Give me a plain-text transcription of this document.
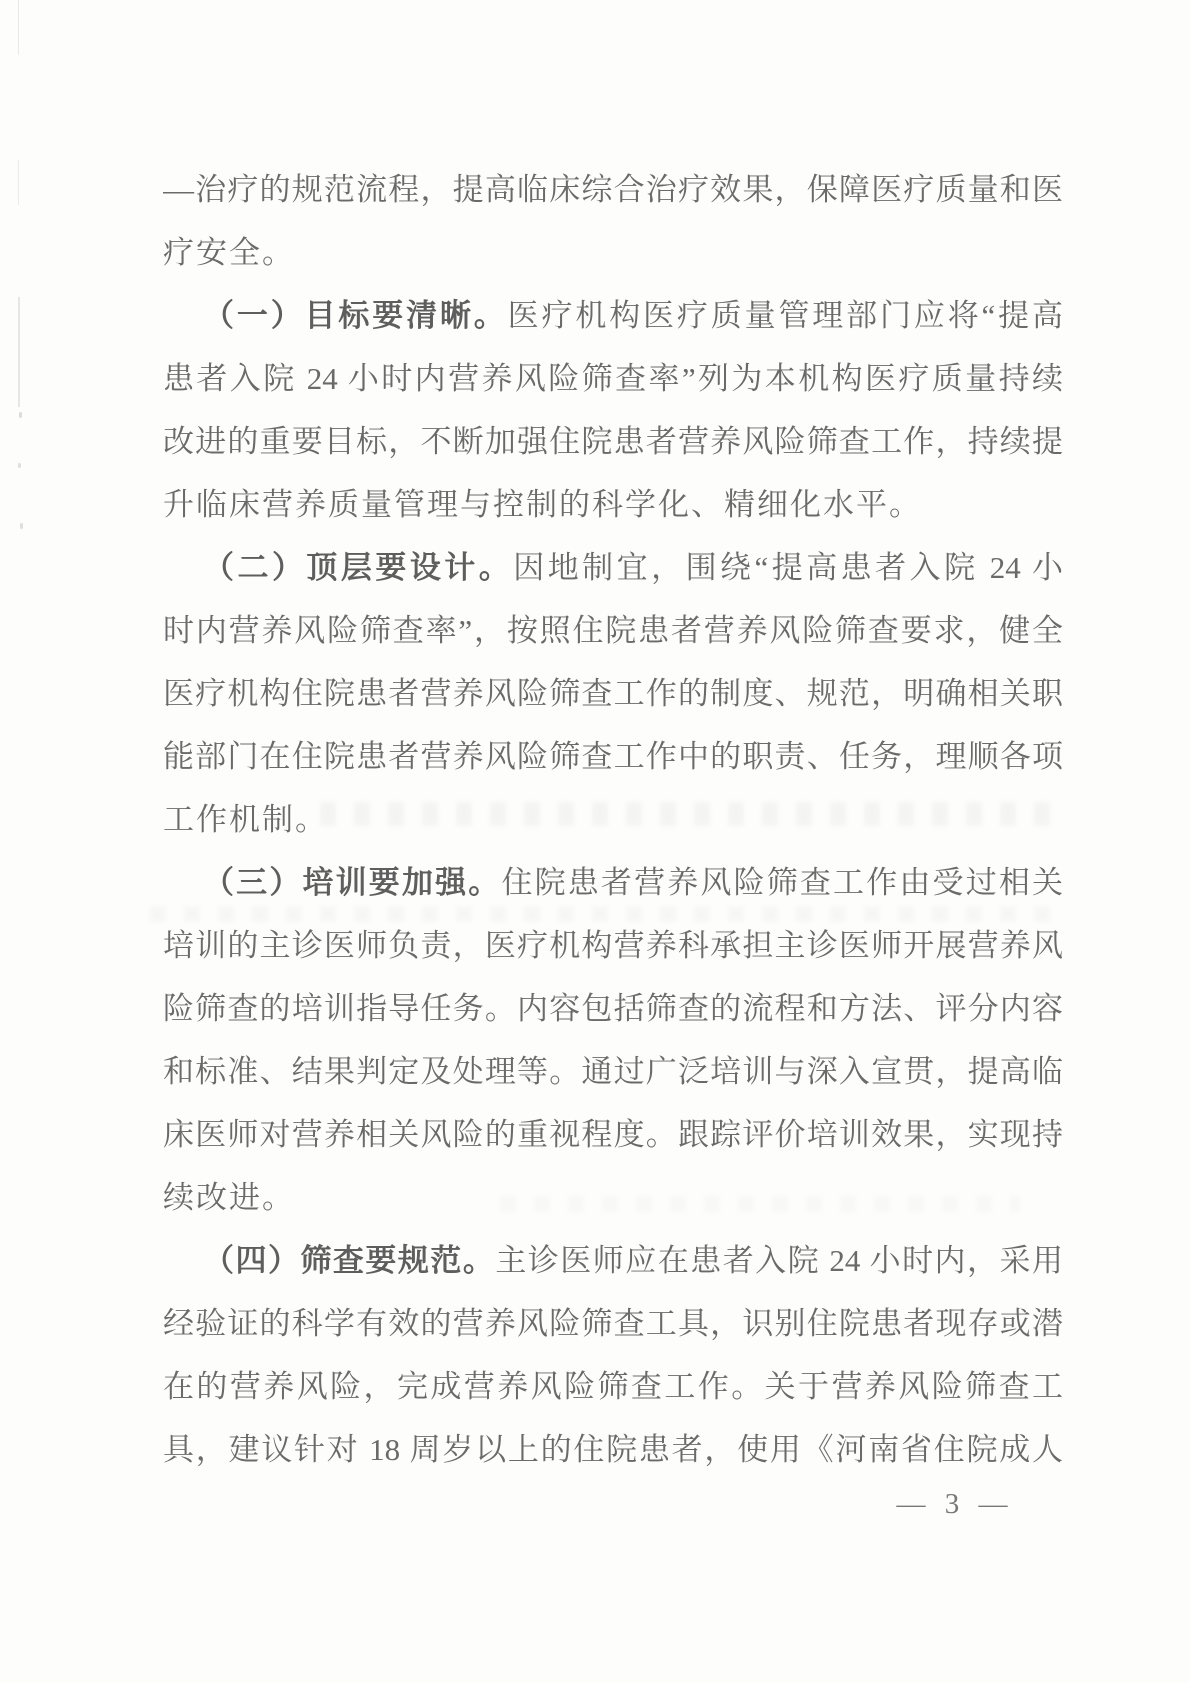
—治疗的规范流程，提高临床综合治疗效果，保障医疗质量和医
疗安全。
（一）目标要清晰。医疗机构医疗质量管理部门应将“提高
患者入院 24 小时内营养风险筛查率”列为本机构医疗质量持续
改进的重要目标，不断加强住院患者营养风险筛查工作，持续提
升临床营养质量管理与控制的科学化、精细化水平。
（二）顶层要设计。因地制宜，围绕“提高患者入院 24 小
时内营养风险筛查率”，按照住院患者营养风险筛查要求，健全
医疗机构住院患者营养风险筛查工作的制度、规范，明确相关职
能部门在住院患者营养风险筛查工作中的职责、任务，理顺各项
工作机制。
（三）培训要加强。住院患者营养风险筛查工作由受过相关
培训的主诊医师负责，医疗机构营养科承担主诊医师开展营养风
险筛查的培训指导任务。内容包括筛查的流程和方法、评分内容
和标准、结果判定及处理等。通过广泛培训与深入宣贯，提高临
床医师对营养相关风险的重视程度。跟踪评价培训效果，实现持
续改进。
（四）筛查要规范。主诊医师应在患者入院 24 小时内，采用
经验证的科学有效的营养风险筛查工具，识别住院患者现存或潜
在的营养风险，完成营养风险筛查工作。关于营养风险筛查工
具，建议针对 18 周岁以上的住院患者，使用《河南省住院成人
— 3 —
